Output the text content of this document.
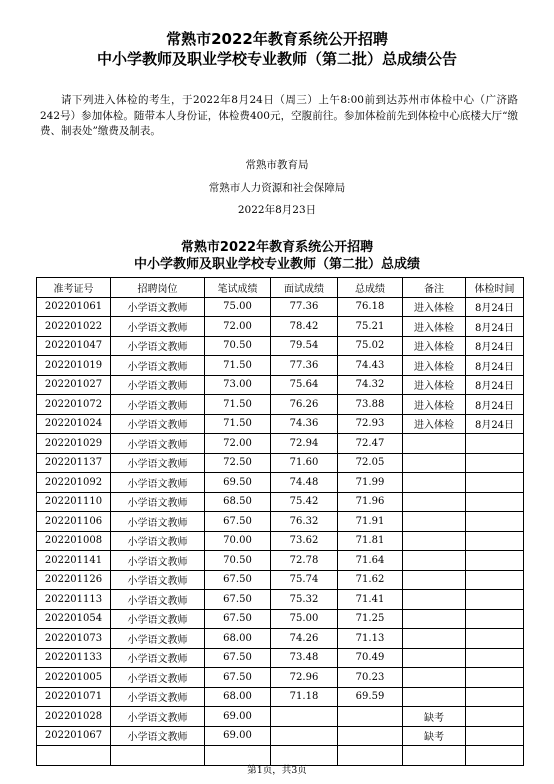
常熟市2022年教育系统公开招聘
中小学教师及职业学校专业教师（第二批）总成绩公告
请下列进入体检的考生，于2022年8月24日（周三）上午8:00前到达苏州市体检中心（广济路242号）参加体检。随带本人身份证，体检费400元，空腹前往。参加体检前先到体检中心底楼大厅“缴费、制表处”缴费及制表。
常熟市教育局
常熟市人力资源和社会保障局
2022年8月23日
常熟市2022年教育系统公开招聘
中小学教师及职业学校专业教师（第二批）总成绩
准考证号	招聘岗位	笔试成绩	面试成绩	总成绩	备注	体检时间
202201061	小学语文教师	75.00	77.36	76.18	进入体检	8月24日
202201022	小学语文教师	72.00	78.42	75.21	进入体检	8月24日
202201047	小学语文教师	70.50	79.54	75.02	进入体检	8月24日
202201019	小学语文教师	71.50	77.36	74.43	进入体检	8月24日
202201027	小学语文教师	73.00	75.64	74.32	进入体检	8月24日
202201072	小学语文教师	71.50	76.26	73.88	进入体检	8月24日
202201024	小学语文教师	71.50	74.36	72.93	进入体检	8月24日
202201029	小学语文教师	72.00	72.94	72.47		
202201137	小学语文教师	72.50	71.60	72.05		
202201092	小学语文教师	69.50	74.48	71.99		
202201110	小学语文教师	68.50	75.42	71.96		
202201106	小学语文教师	67.50	76.32	71.91		
202201008	小学语文教师	70.00	73.62	71.81		
202201141	小学语文教师	70.50	72.78	71.64		
202201126	小学语文教师	67.50	75.74	71.62		
202201113	小学语文教师	67.50	75.32	71.41		
202201054	小学语文教师	67.50	75.00	71.25		
202201073	小学语文教师	68.00	74.26	71.13		
202201133	小学语文教师	67.50	73.48	70.49		
202201005	小学语文教师	67.50	72.96	70.23		
202201071	小学语文教师	68.00	71.18	69.59		
202201028	小学语文教师	69.00			缺考	
202201067	小学语文教师	69.00			缺考	

第1页，共3页
